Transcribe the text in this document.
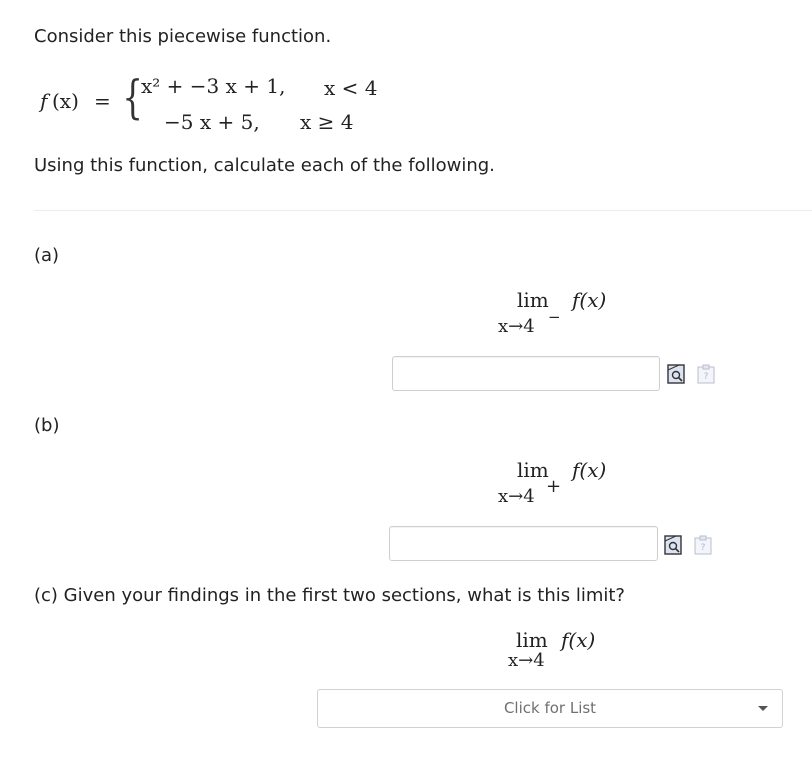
Consider this piecewise function.
f (x) = {
x² + −3 x + 1, x < 4
−5 x + 5, x ≥ 4
Using this function, calculate each of the following.
(a)
lim f(x)
x→4 −
?
(b)
lim f(x)
x→4 +
?
(c) Given your findings in the first two sections, what is this limit?
lim f(x)
x→4
Click for List
